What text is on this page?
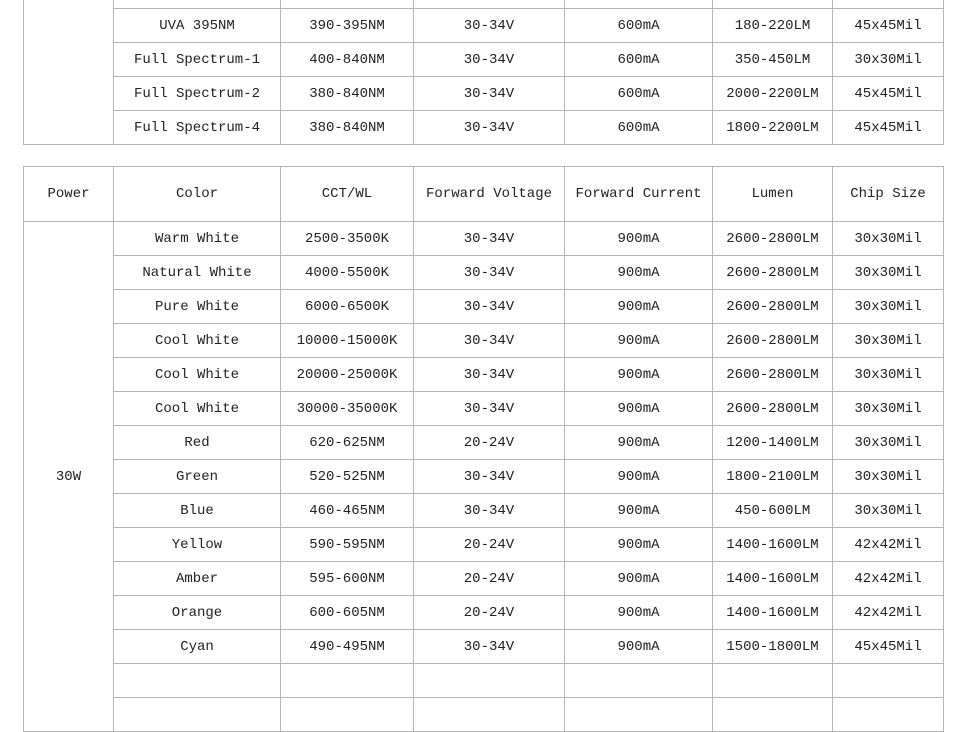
	UVA 395NM	390-395NM	30-34V	600mA	180-220LM	45x45Mil
	Full Spectrum-1	400-840NM	30-34V	600mA	350-450LM	30x30Mil
	Full Spectrum-2	380-840NM	30-34V	600mA	2000-2200LM	45x45Mil
	Full Spectrum-4	380-840NM	30-34V	600mA	1800-2200LM	45x45Mil
Power	Color	CCT/WL	Forward Voltage	Forward Current	Lumen	Chip Size
30W	Warm White	2500-3500K	30-34V	900mA	2600-2800LM	30x30Mil
	Natural White	4000-5500K	30-34V	900mA	2600-2800LM	30x30Mil
	Pure White	6000-6500K	30-34V	900mA	2600-2800LM	30x30Mil
	Cool White	10000-15000K	30-34V	900mA	2600-2800LM	30x30Mil
	Cool White	20000-25000K	30-34V	900mA	2600-2800LM	30x30Mil
	Cool White	30000-35000K	30-34V	900mA	2600-2800LM	30x30Mil
	Red	620-625NM	20-24V	900mA	1200-1400LM	30x30Mil
	Green	520-525NM	30-34V	900mA	1800-2100LM	30x30Mil
	Blue	460-465NM	30-34V	900mA	450-600LM	30x30Mil
	Yellow	590-595NM	20-24V	900mA	1400-1600LM	42x42Mil
	Amber	595-600NM	20-24V	900mA	1400-1600LM	42x42Mil
	Orange	600-605NM	20-24V	900mA	1400-1600LM	42x42Mil
	Cyan	490-495NM	30-34V	900mA	1500-1800LM	45x45Mil
